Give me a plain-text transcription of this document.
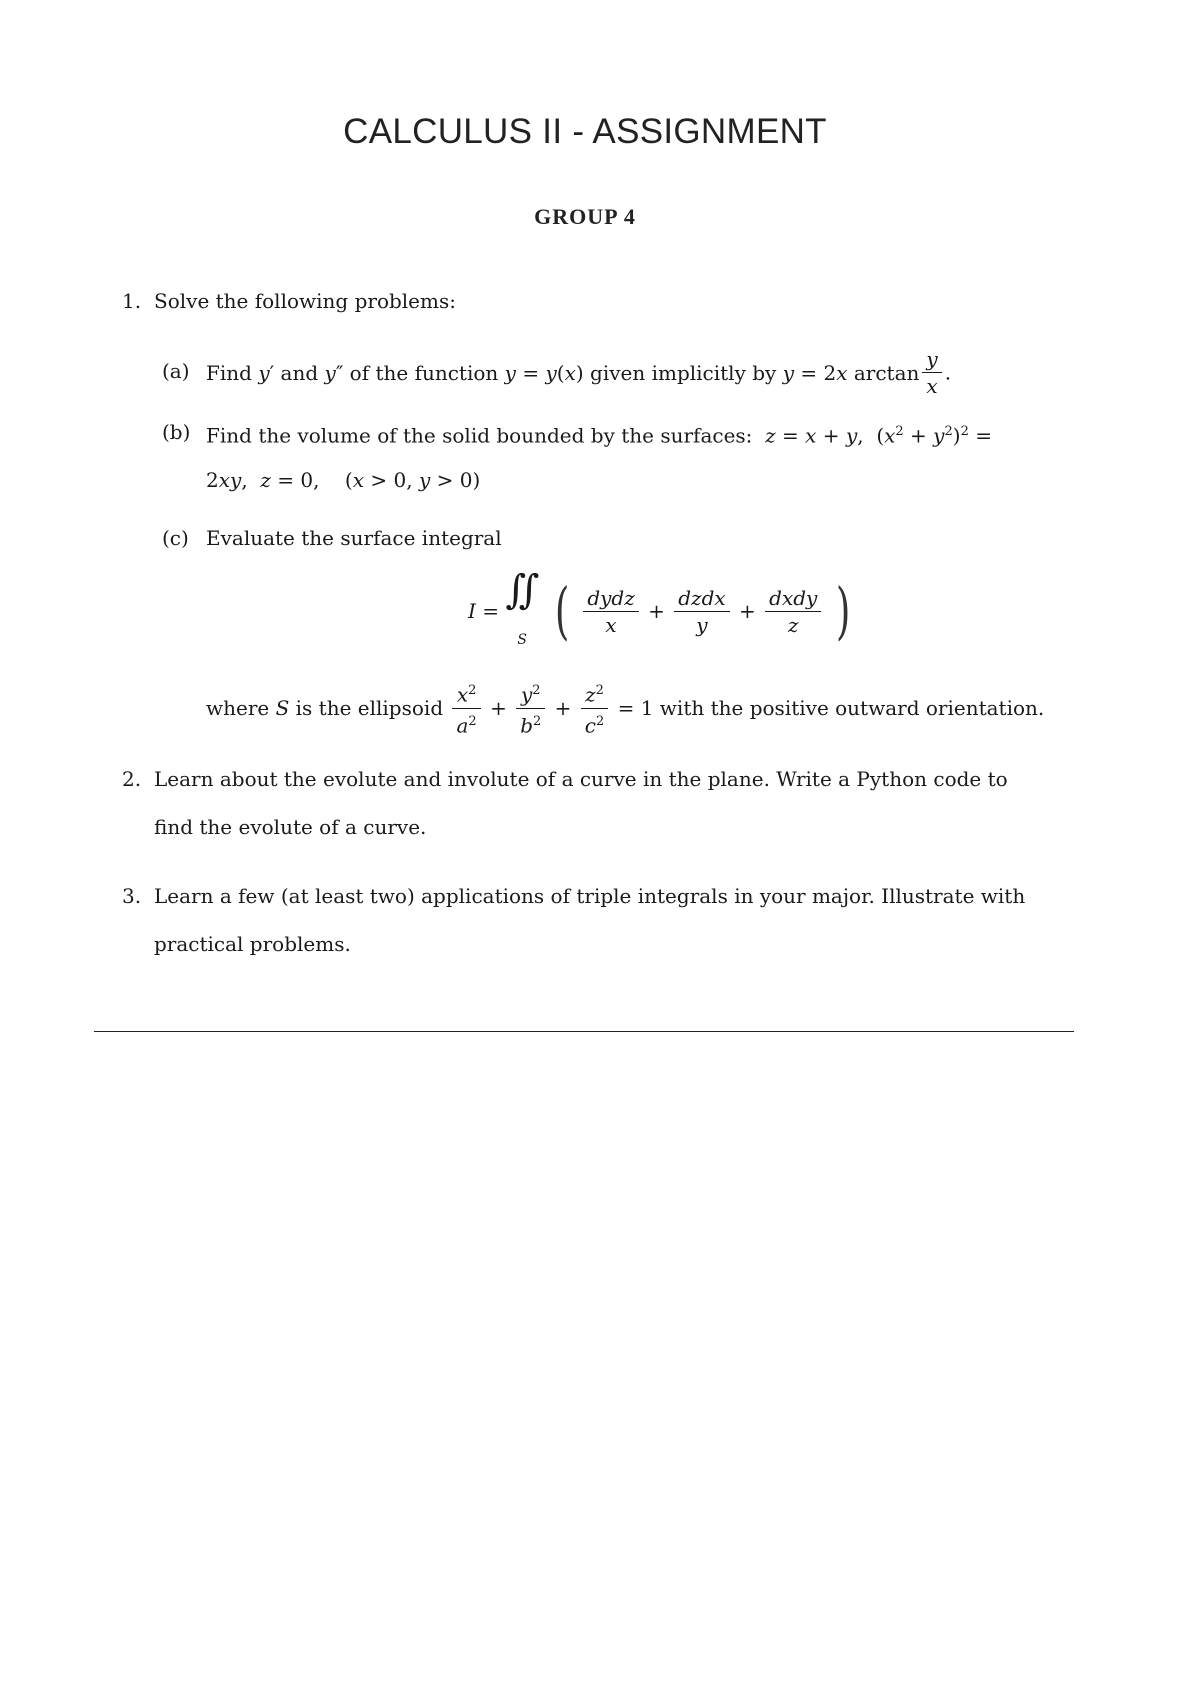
CALCULUS II - ASSIGNMENT
GROUP 4
1. Solve the following problems:
(a) Find y′ and y″ of the function y = y(x) given implicitly by y = 2x $\arctan \frac{y}{x}$ .
(b) Find the volume of the solid bounded by the surfaces:  z = x + y,  $(x^2 + y^2)^2$ =
2xy,  z = 0,    (x > 0, y > 0)
(c) Evaluate the surface integral
I = ∬
S ( $\frac{\text{dydz}}{x} + \frac{\text{dzdx}}{y} + \frac{\text{dxdy}}{z}$ )
where S is the ellipsoid $\frac{x^2}{a^2} + \frac{y^2}{b^2} + \frac{z^2}{c^2} = 1$ with the positive outward orientation.
2. Learn about the evolute and involute of a curve in the plane. Write a Python code to
find the evolute of a curve.
3. Learn a few (at least two) applications of triple integrals in your major. Illustrate with
practical problems.
